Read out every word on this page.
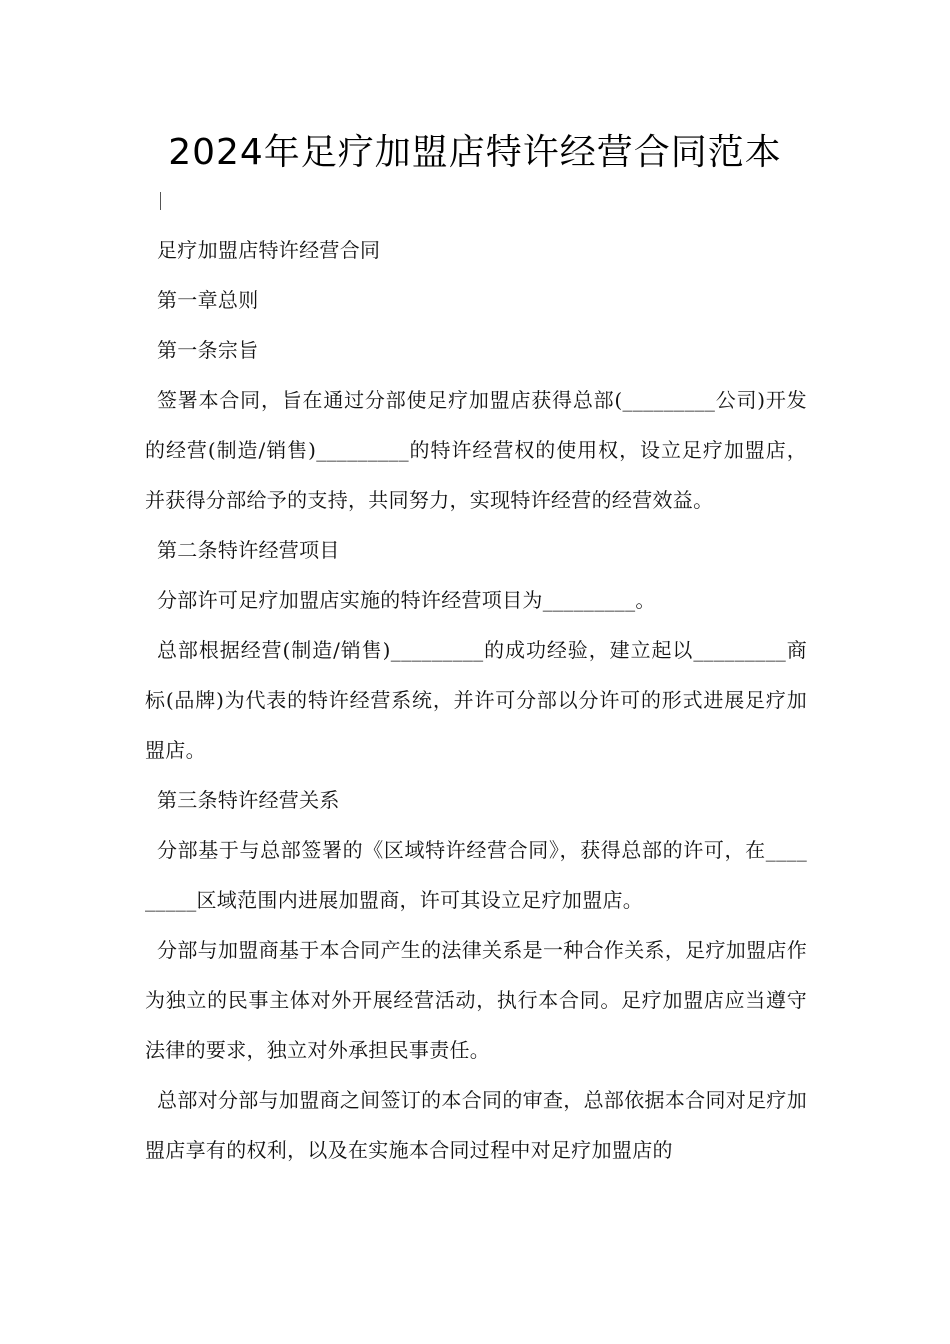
2024年足疗加盟店特许经营合同范本

足疗加盟店特许经营合同

第一章总则

第一条宗旨

签署本合同，旨在通过分部使足疗加盟店获得总部(_________公司)开发的经营(制造/销售)_________的特许经营权的使用权，设立足疗加盟店，并获得分部给予的支持，共同努力，实现特许经营的经营效益。

第二条特许经营项目

分部许可足疗加盟店实施的特许经营项目为_________。

总部根据经营(制造/销售)_________的成功经验，建立起以_________商标(品牌)为代表的特许经营系统，并许可分部以分许可的形式进展足疗加盟店。

第三条特许经营关系

分部基于与总部签署的《区域特许经营合同》，获得总部的许可，在_________区域范围内进展加盟商，许可其设立足疗加盟店。

分部与加盟商基于本合同产生的法律关系是一种合作关系，足疗加盟店作为独立的民事主体对外开展经营活动，执行本合同。足疗加盟店应当遵守法律的要求，独立对外承担民事责任。

总部对分部与加盟商之间签订的本合同的审查，总部依据本合同对足疗加盟店享有的权利，以及在实施本合同过程中对足疗加盟店的
